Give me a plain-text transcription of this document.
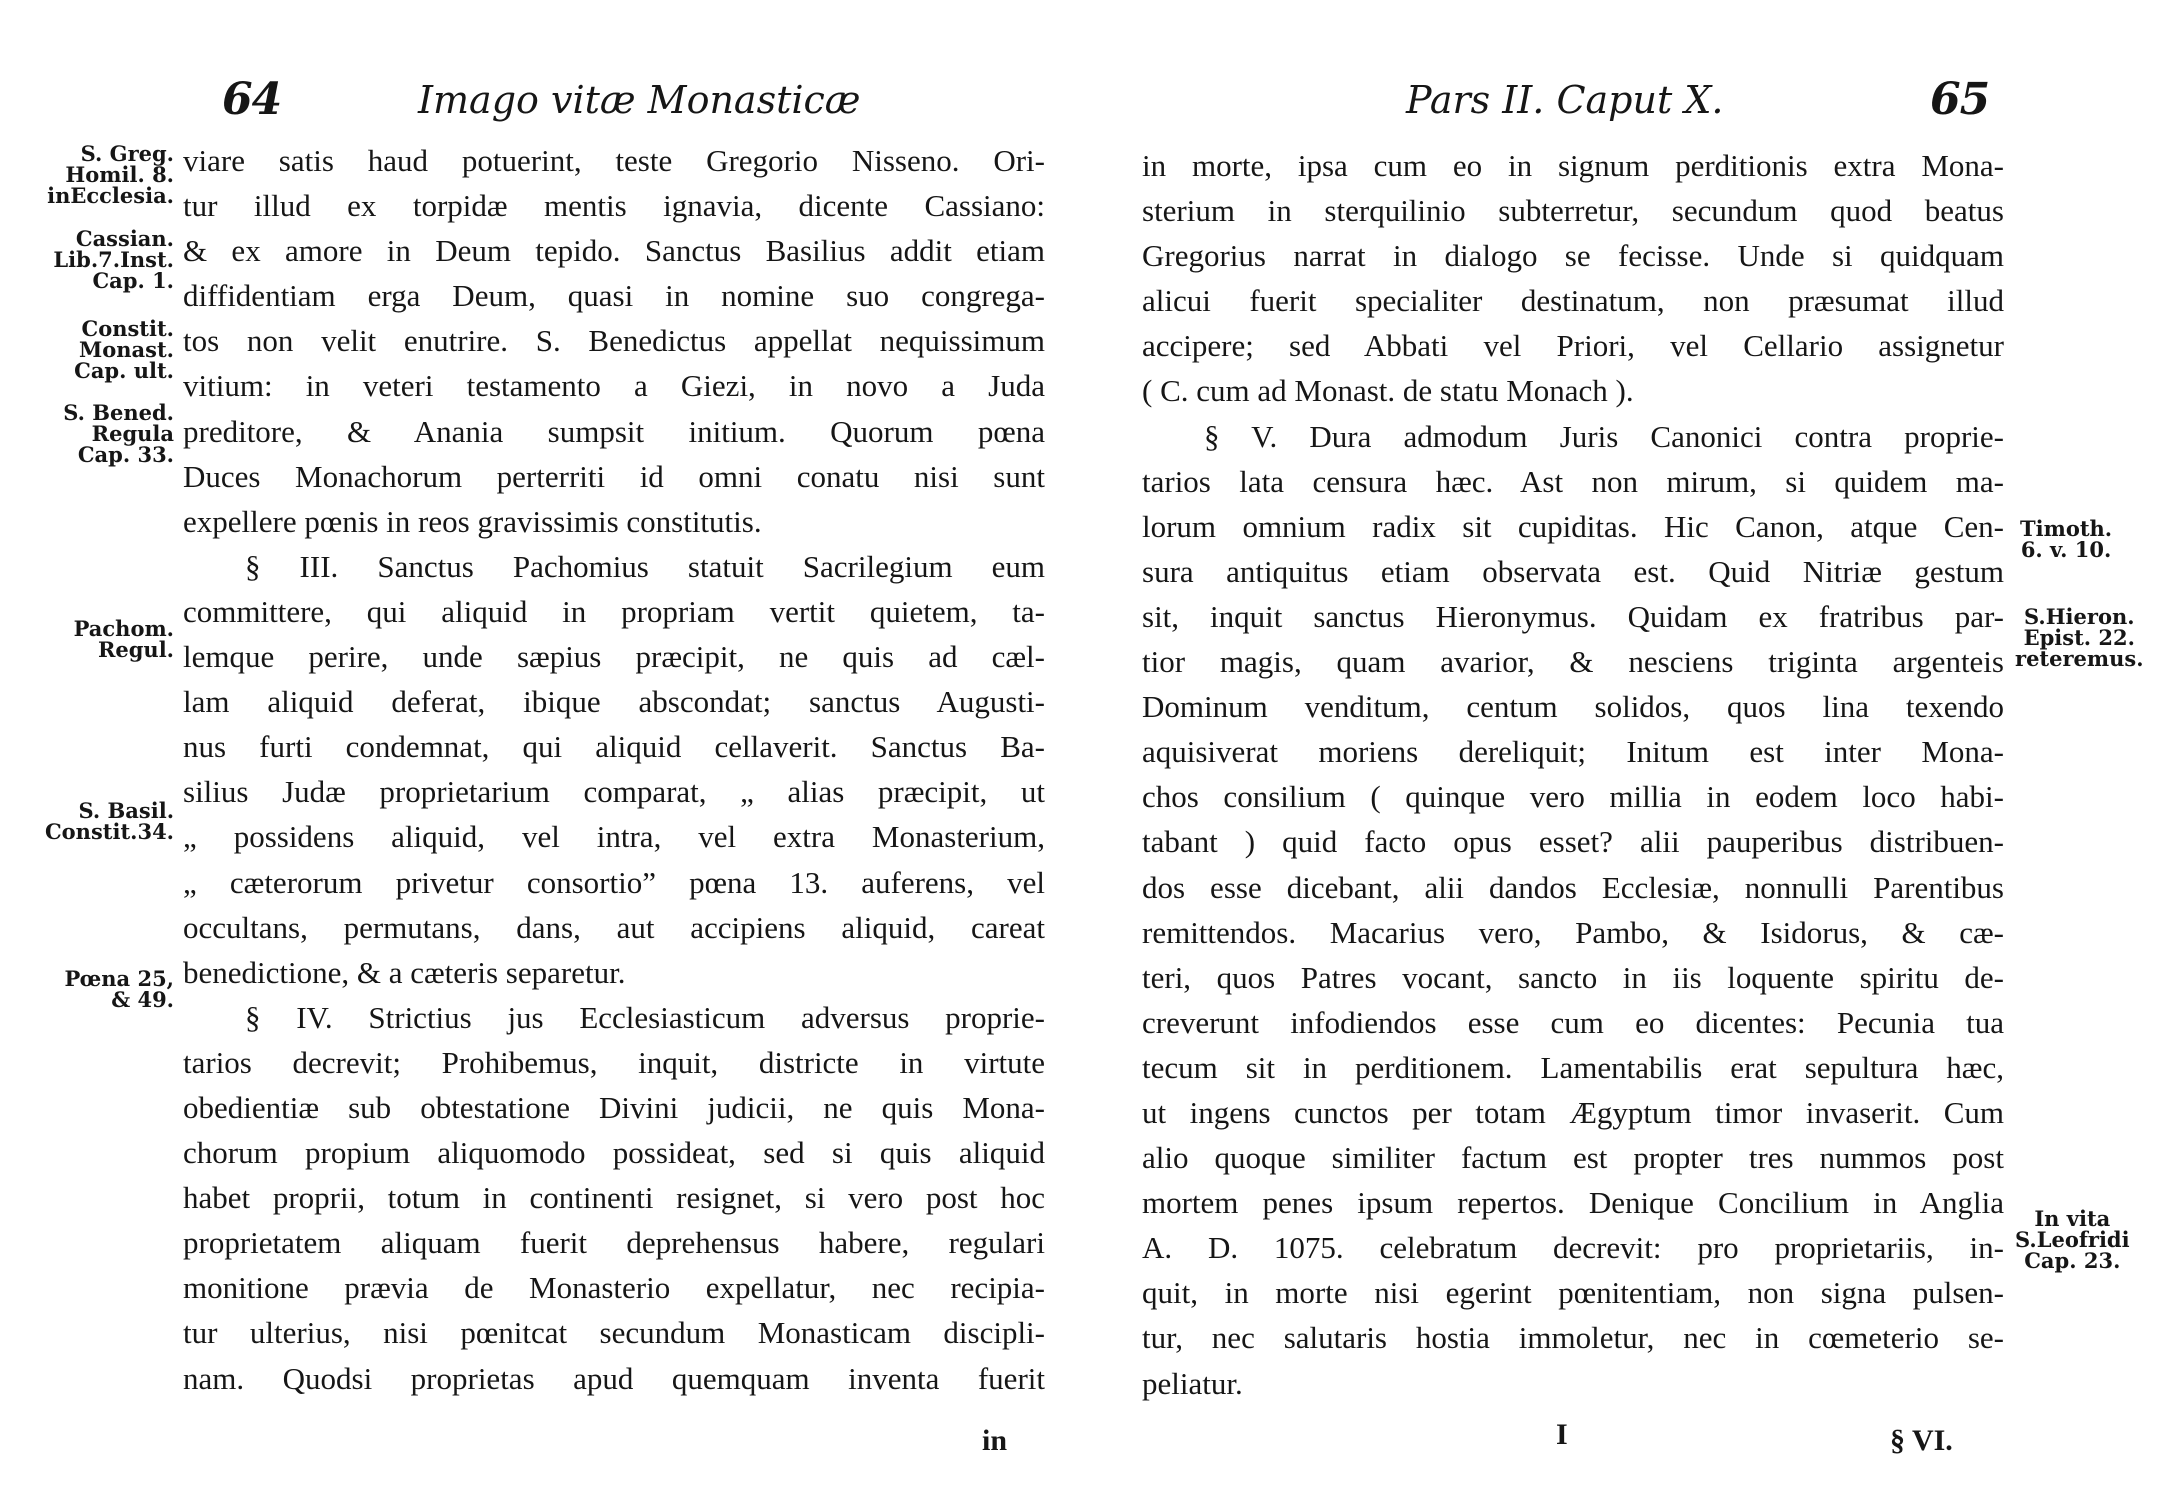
64	Imago vitæ Monasticæ
S. Greg.
Homil. 8.
inEcclesia.
Cassian.
Lib.7.Inst.
Cap. 1.
Constit.
Monast.
Cap. ult.
S. Bened.
Regula
Cap. 33.
Pachom.
Regul.
S. Basil.
Constit.34.
Pœna 25,
& 49.
viare satis haud potuerint, teste Gregorio Nisseno. Ori-
tur illud ex torpidæ mentis ignavia, dicente Cassiano:
& ex amore in Deum tepido. Sanctus Basilius addit etiam
diffidentiam erga Deum, quasi in nomine suo congrega-
tos non velit enutrire. S. Benedictus appellat nequissimum
vitium: in veteri testamento a Giezi, in novo a Juda
preditore, & Anania sumpsit initium. Quorum pœna
Duces Monachorum perterriti id omni conatu nisi sunt
expellere pœnis in reos gravissimis constitutis.
§ III. Sanctus Pachomius statuit Sacrilegium eum
committere, qui aliquid in propriam vertit quietem, ta-
lemque perire, unde sæpius præcipit, ne quis ad cæl-
lam aliquid deferat, ibique abscondat; sanctus Augusti-
nus furti condemnat, qui aliquid cellaverit. Sanctus Ba-
silius Judæ proprietarium comparat, „ alias præcipit, ut
„ possidens aliquid, vel intra, vel extra Monasterium,
„ cæterorum privetur consortio” pœna 13. auferens, vel
occultans, permutans, dans, aut accipiens aliquid, careat
benedictione, & a cæteris separetur.
§ IV. Strictius jus Ecclesiasticum adversus proprie-
tarios decrevit; Prohibemus, inquit, districte in virtute
obedientiæ sub obtestatione Divini judicii, ne quis Mona-
chorum propium aliquomodo possideat, sed si quis aliquid
habet proprii, totum in continenti resignet, si vero post hoc
proprietatem aliquam fuerit deprehensus habere, regulari
monitione prævia de Monasterio expellatur, nec recipia-
tur ulterius, nisi pœnitcat secundum Monasticam discipli-
nam. Quodsi proprietas apud quemquam inventa fuerit
in
Pars II. Caput X.	65
Timoth.
6. v. 10.
S.Hieron.
Epist. 22.
reteremus.
In vita
S.Leofridi
Cap. 23.
in morte, ipsa cum eo in signum perditionis extra Mona-
sterium in sterquilinio subterretur, secundum quod beatus
Gregorius narrat in dialogo se fecisse. Unde si quidquam
alicui fuerit specialiter destinatum, non præsumat illud
accipere; sed Abbati vel Priori, vel Cellario assignetur
( C. cum ad Monast. de statu Monach ).
§ V. Dura admodum Juris Canonici contra proprie-
tarios lata censura hæc. Ast non mirum, si quidem ma-
lorum omnium radix sit cupiditas. Hic Canon, atque Cen-
sura antiquitus etiam observata est. Quid Nitriæ gestum
sit, inquit sanctus Hieronymus. Quidam ex fratribus par-
tior magis, quam avarior, & nesciens triginta argenteis
Dominum venditum, centum solidos, quos lina texendo
aquisiverat moriens dereliquit; Initum est inter Mona-
chos consilium ( quinque vero millia in eodem loco habi-
tabant ) quid facto opus esset? alii pauperibus distribuen-
dos esse dicebant, alii dandos Ecclesiæ, nonnulli Parentibus
remittendos. Macarius vero, Pambo, & Isidorus, & cæ-
teri, quos Patres vocant, sancto in iis loquente spiritu de-
creverunt infodiendos esse cum eo dicentes: Pecunia tua
tecum sit in perditionem. Lamentabilis erat sepultura hæc,
ut ingens cunctos per totam Ægyptum timor invaserit. Cum
alio quoque similiter factum est propter tres nummos post
mortem penes ipsum repertos. Denique Concilium in Anglia
A. D. 1075. celebratum decrevit: pro proprietariis, in-
quit, in morte nisi egerint pœnitentiam, non signa pulsen-
tur, nec salutaris hostia immoletur, nec in cœmeterio se-
peliatur.
I	§ VI.
